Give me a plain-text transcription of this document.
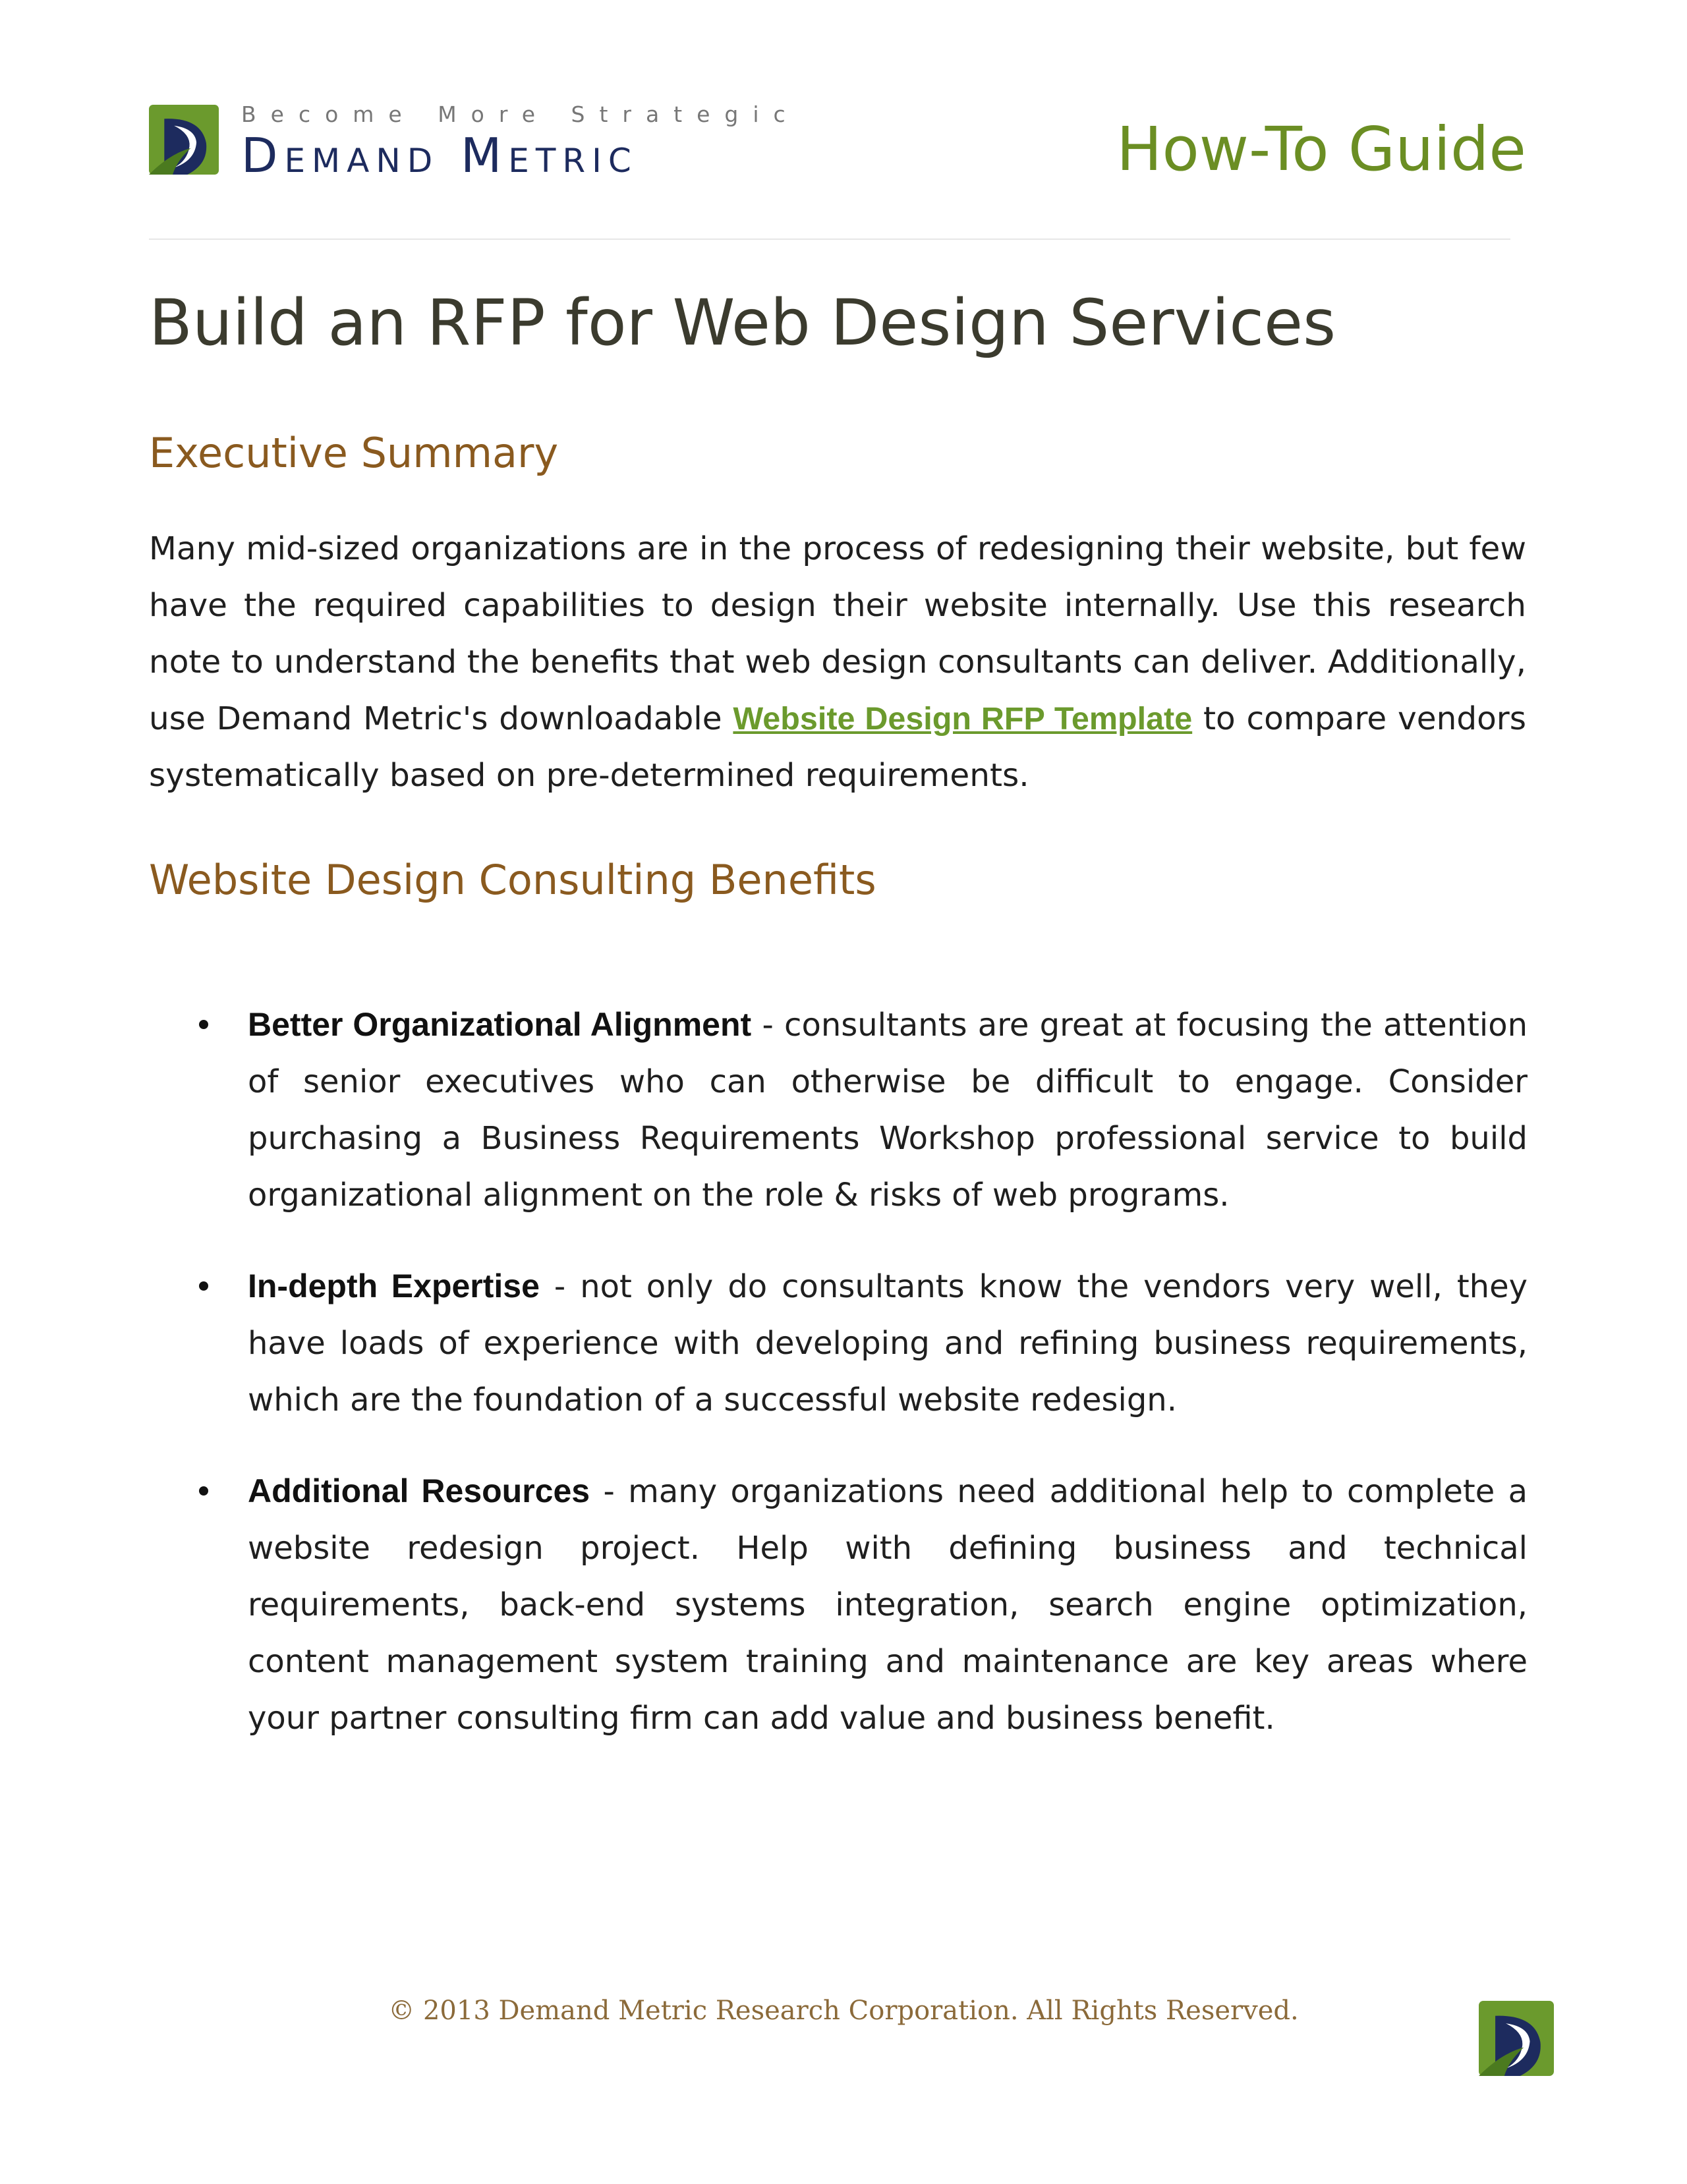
Become More Strategic
Demand Metric	How-To Guide
Build an RFP for Web Design Services
Executive Summary

Many mid-sized organizations are in the process of redesigning their website, but few have the required capabilities to design their website internally. Use this research note to understand the benefits that web design consultants can deliver. Additionally, use Demand Metric's downloadable Website Design RFP Template to compare vendors systematically based on pre-determined requirements.

Website Design Consulting Benefits

Better Organizational Alignment - consultants are great at focusing the attention of senior executives who can otherwise be difficult to engage. Consider purchasing a Business Requirements Workshop professional service to build organizational alignment on the role & risks of web programs.

In-depth Expertise - not only do consultants know the vendors very well, they have loads of experience with developing and refining business requirements, which are the foundation of a successful website redesign.

Additional Resources - many organizations need additional help to complete a website redesign project. Help with defining business and technical requirements, back-end systems integration, search engine optimization, content management system training and maintenance are key areas where your partner consulting firm can add value and business benefit.

© 2013 Demand Metric Research Corporation. All Rights Reserved.
